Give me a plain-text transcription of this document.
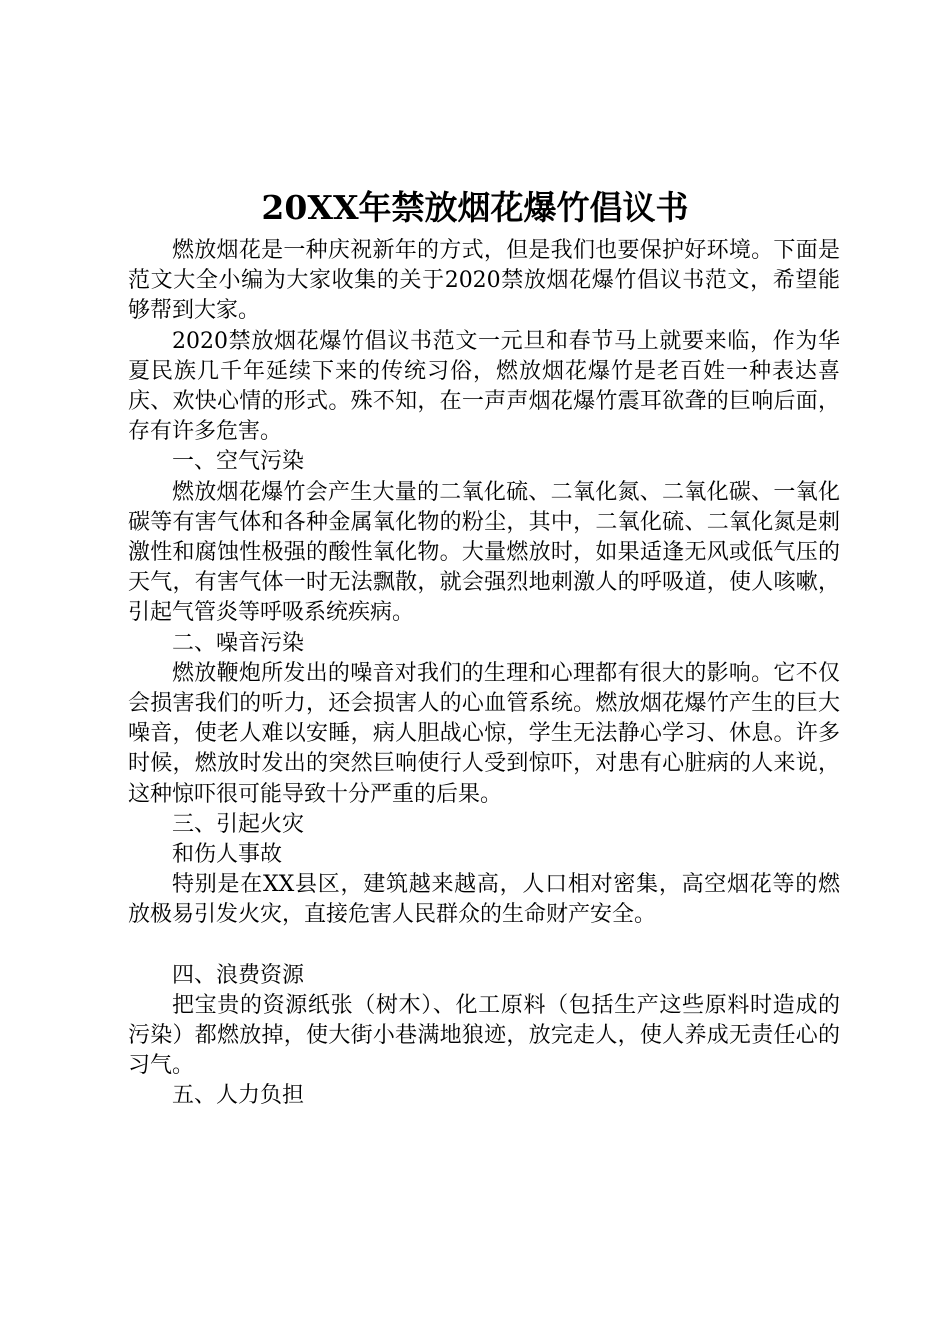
20XX年禁放烟花爆竹倡议书

燃放烟花是一种庆祝新年的方式，但是我们也要保护好环境。下面是范文大全小编为大家收集的关于2020禁放烟花爆竹倡议书范文，希望能够帮到大家。

2020禁放烟花爆竹倡议书范文一元旦和春节马上就要来临，作为华夏民族几千年延续下来的传统习俗，燃放烟花爆竹是老百姓一种表达喜庆、欢快心情的形式。殊不知，在一声声烟花爆竹震耳欲聋的巨响后面，存有许多危害。

一、空气污染

燃放烟花爆竹会产生大量的二氧化硫、二氧化氮、二氧化碳、一氧化碳等有害气体和各种金属氧化物的粉尘，其中，二氧化硫、二氧化氮是刺激性和腐蚀性极强的酸性氧化物。大量燃放时，如果适逢无风或低气压的天气，有害气体一时无法飘散，就会强烈地刺激人的呼吸道，使人咳嗽，引起气管炎等呼吸系统疾病。

二、噪音污染

燃放鞭炮所发出的噪音对我们的生理和心理都有很大的影响。它不仅会损害我们的听力，还会损害人的心血管系统。燃放烟花爆竹产生的巨大噪音，使老人难以安睡，病人胆战心惊，学生无法静心学习、休息。许多时候，燃放时发出的突然巨响使行人受到惊吓，对患有心脏病的人来说，这种惊吓很可能导致十分严重的后果。

三、引起火灾

和伤人事故

特别是在XX县区，建筑越来越高，人口相对密集，高空烟花等的燃放极易引发火灾，直接危害人民群众的生命财产安全。

四、浪费资源

把宝贵的资源纸张（树木）、化工原料（包括生产这些原料时造成的污染）都燃放掉，使大街小巷满地狼迹，放完走人，使人养成无责任心的习气。

五、人力负担
